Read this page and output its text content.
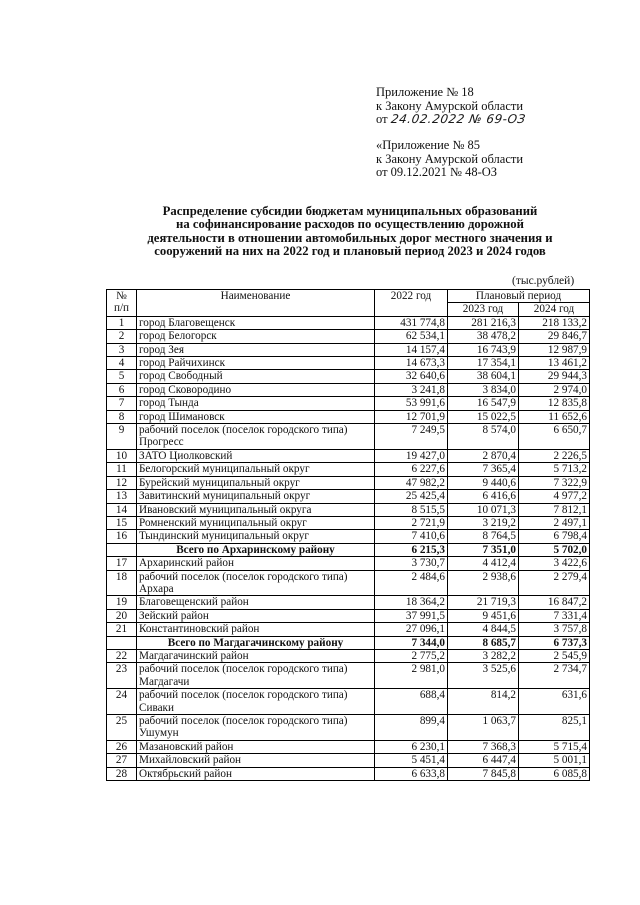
Приложение № 18
к Закону Амурской области
от 24.02.2022 № 69-ОЗ
«Приложение № 85
к Закону Амурской области
от 09.12.2021 № 48-ОЗ
Распределение субсидии бюджетам муниципальных образований
на софинансирование расходов по осуществлению дорожной
деятельности в отношении автомобильных дорог местного значения и
сооружений на них на 2022 год и плановый период 2023 и 2024 годов
(тыс.рублей)
№
п/п	Наименование	2022 год	Плановый период	
			2023 год	2024 год
1	город Благовещенск	431 774,8	281 216,3	218 133,2
2	город Белогорск	62 534,1	38 478,2	29 846,7
3	город Зея	14 157,4	16 743,9	12 987,9
4	город Райчихинск	14 673,3	17 354,1	13 461,2
5	город Свободный	32 640,6	38 604,1	29 944,3
6	город Сковородино	3 241,8	3 834,0	2 974,0
7	город Тында	53 991,6	16 547,9	12 835,8
8	город Шимановск	12 701,9	15 022,5	11 652,6
9	рабочий поселок (поселок городского типа) Прогресс	7 249,5	8 574,0	6 650,7
10	ЗАТО Циолковский	19 427,0	2 870,4	2 226,5
11	Белогорский муниципальный округ	6 227,6	7 365,4	5 713,2
12	Бурейский муниципальный округ	47 982,2	9 440,6	7 322,9
13	Завитинский муниципальный округ	25 425,4	6 416,6	4 977,2
14	Ивановский муниципальный округа	8 515,5	10 071,3	7 812,1
15	Ромненский муниципальный округ	2 721,9	3 219,2	2 497,1
16	Тындинский муниципальный округ	7 410,6	8 764,5	6 798,4
	Всего по Архаринскому району	6 215,3	7 351,0	5 702,0
17	Архаринский район	3 730,7	4 412,4	3 422,6
18	рабочий поселок (поселок городского типа) Архара	2 484,6	2 938,6	2 279,4
19	Благовещенский район	18 364,2	21 719,3	16 847,2
20	Зейский район	37 991,5	9 451,6	7 331,4
21	Константиновский район	27 096,1	4 844,5	3 757,8
	Всего по Магдагачинскому району	7 344,0	8 685,7	6 737,3
22	Магдагачинский район	2 775,2	3 282,2	2 545,9
23	рабочий поселок (поселок городского типа) Магдагачи	2 981,0	3 525,6	2 734,7
24	рабочий поселок (поселок городского типа) Сиваки	688,4	814,2	631,6
25	рабочий поселок (поселок городского типа) Ушумун	899,4	1 063,7	825,1
26	Мазановский район	6 230,1	7 368,3	5 715,4
27	Михайловский район	5 451,4	6 447,4	5 001,1
28	Октябрьский район	6 633,8	7 845,8	6 085,8
